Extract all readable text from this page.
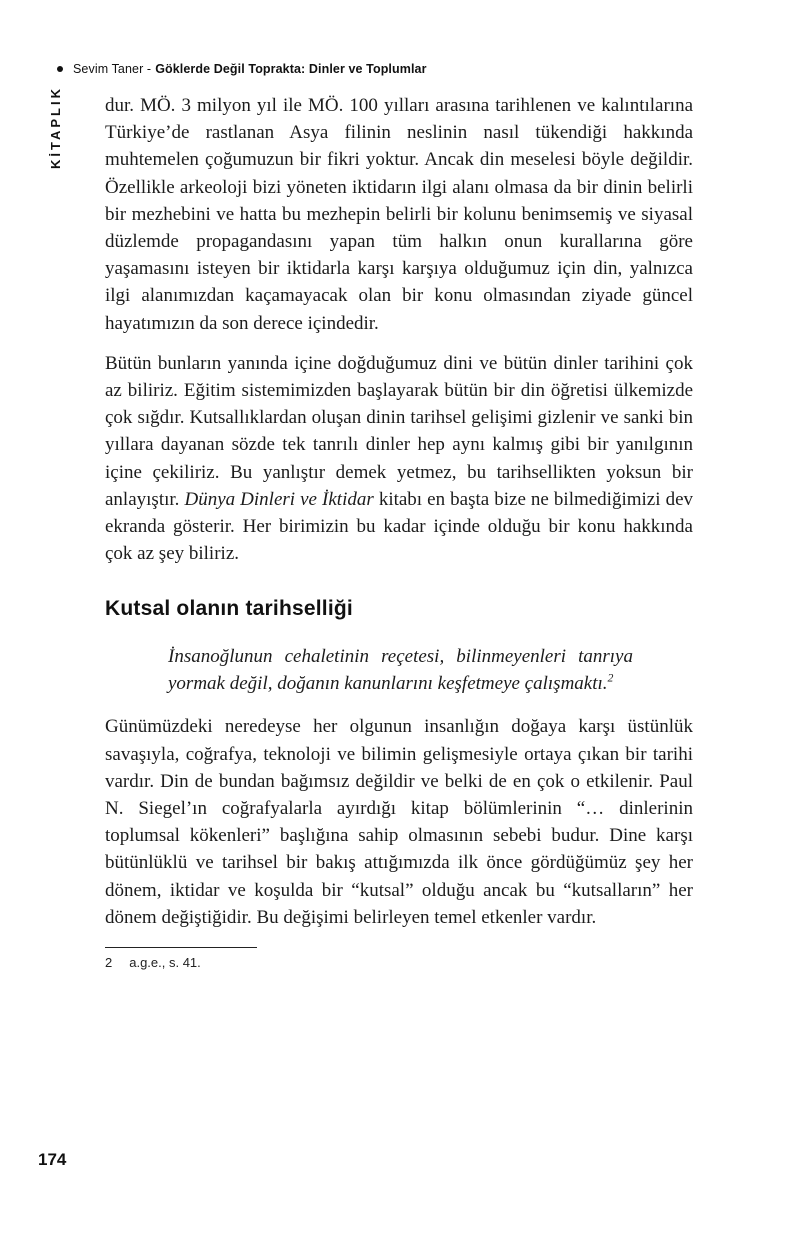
Sevim Taner - Göklerde Değil Toprakta: Dinler ve Toplumlar
KİTAPLIK dur. MÖ. 3 milyon yıl ile MÖ. 100 yılları arasına tarihlenen ve kalıntılarına Türkiye’de rastlanan Asya filinin neslinin nasıl tükendiği hakkında muhtemelen çoğumuzun bir fikri yoktur. Ancak din meselesi böyle değildir. Özellikle arkeoloji bizi yöneten iktidarın ilgi alanı olmasa da bir dinin belirli bir mezhebini ve hatta bu mezhepin belirli bir kolunu benimsemiş ve siyasal düzlemde propagandasını yapan tüm halkın onun kurallarına göre yaşamasını isteyen bir iktidarla karşı karşıya olduğumuz için din, yalnızca ilgi alanımızdan kaçamayacak olan bir konu olmasından ziyade güncel hayatımızın da son derece içindedir.

Bütün bunların yanında içine doğduğumuz dini ve bütün dinler tarihini çok az biliriz. Eğitim sistemimizden başlayarak bütün bir din öğretisi ülkemizde çok sığdır. Kutsallıklardan oluşan dinin tarihsel gelişimi gizlenir ve sanki bin yıllara dayanan sözde tek tanrılı dinler hep aynı kalmış gibi bir yanılgının içine çekiliriz. Bu yanlıştır demek yetmez, bu tarihsellikten yoksun bir anlayıştır. Dünya Dinleri ve İktidar kitabı en başta bize ne bilmediğimizi dev ekranda gösterir. Her birimizin bu kadar içinde olduğu bir konu hakkında çok az şey biliriz.

Kutsal olanın tarihselliği
İnsanoğlunun cehaletinin reçetesi, bilinmeyenleri tanrıya yormak değil, doğanın kanunlarını keşfetmeye çalışmaktı.$^2$

Günümüzdeki neredeyse her olgunun insanlığın doğaya karşı üstünlük savaşıyla, coğrafya, teknoloji ve bilimin gelişmesiyle ortaya çıkan bir tarihi vardır. Din de bundan bağımsız değildir ve belki de en çok o etkilenir. Paul N. Siegel’ın coğrafyalarla ayırdığı kitap bölümlerinin “… dinlerinin toplumsal kökenleri” başlığına sahip olmasının sebebi budur. Dine karşı bütünlüklü ve tarihsel bir bakış attığımızda ilk önce gördüğümüz şey her dönem, iktidar ve koşulda bir “kutsal” olduğu ancak bu “kutsalların” her dönem değiştiğidir. Bu değişimi belirleyen temel etkenler vardır.

2 a.g.e., s. 41.
174
